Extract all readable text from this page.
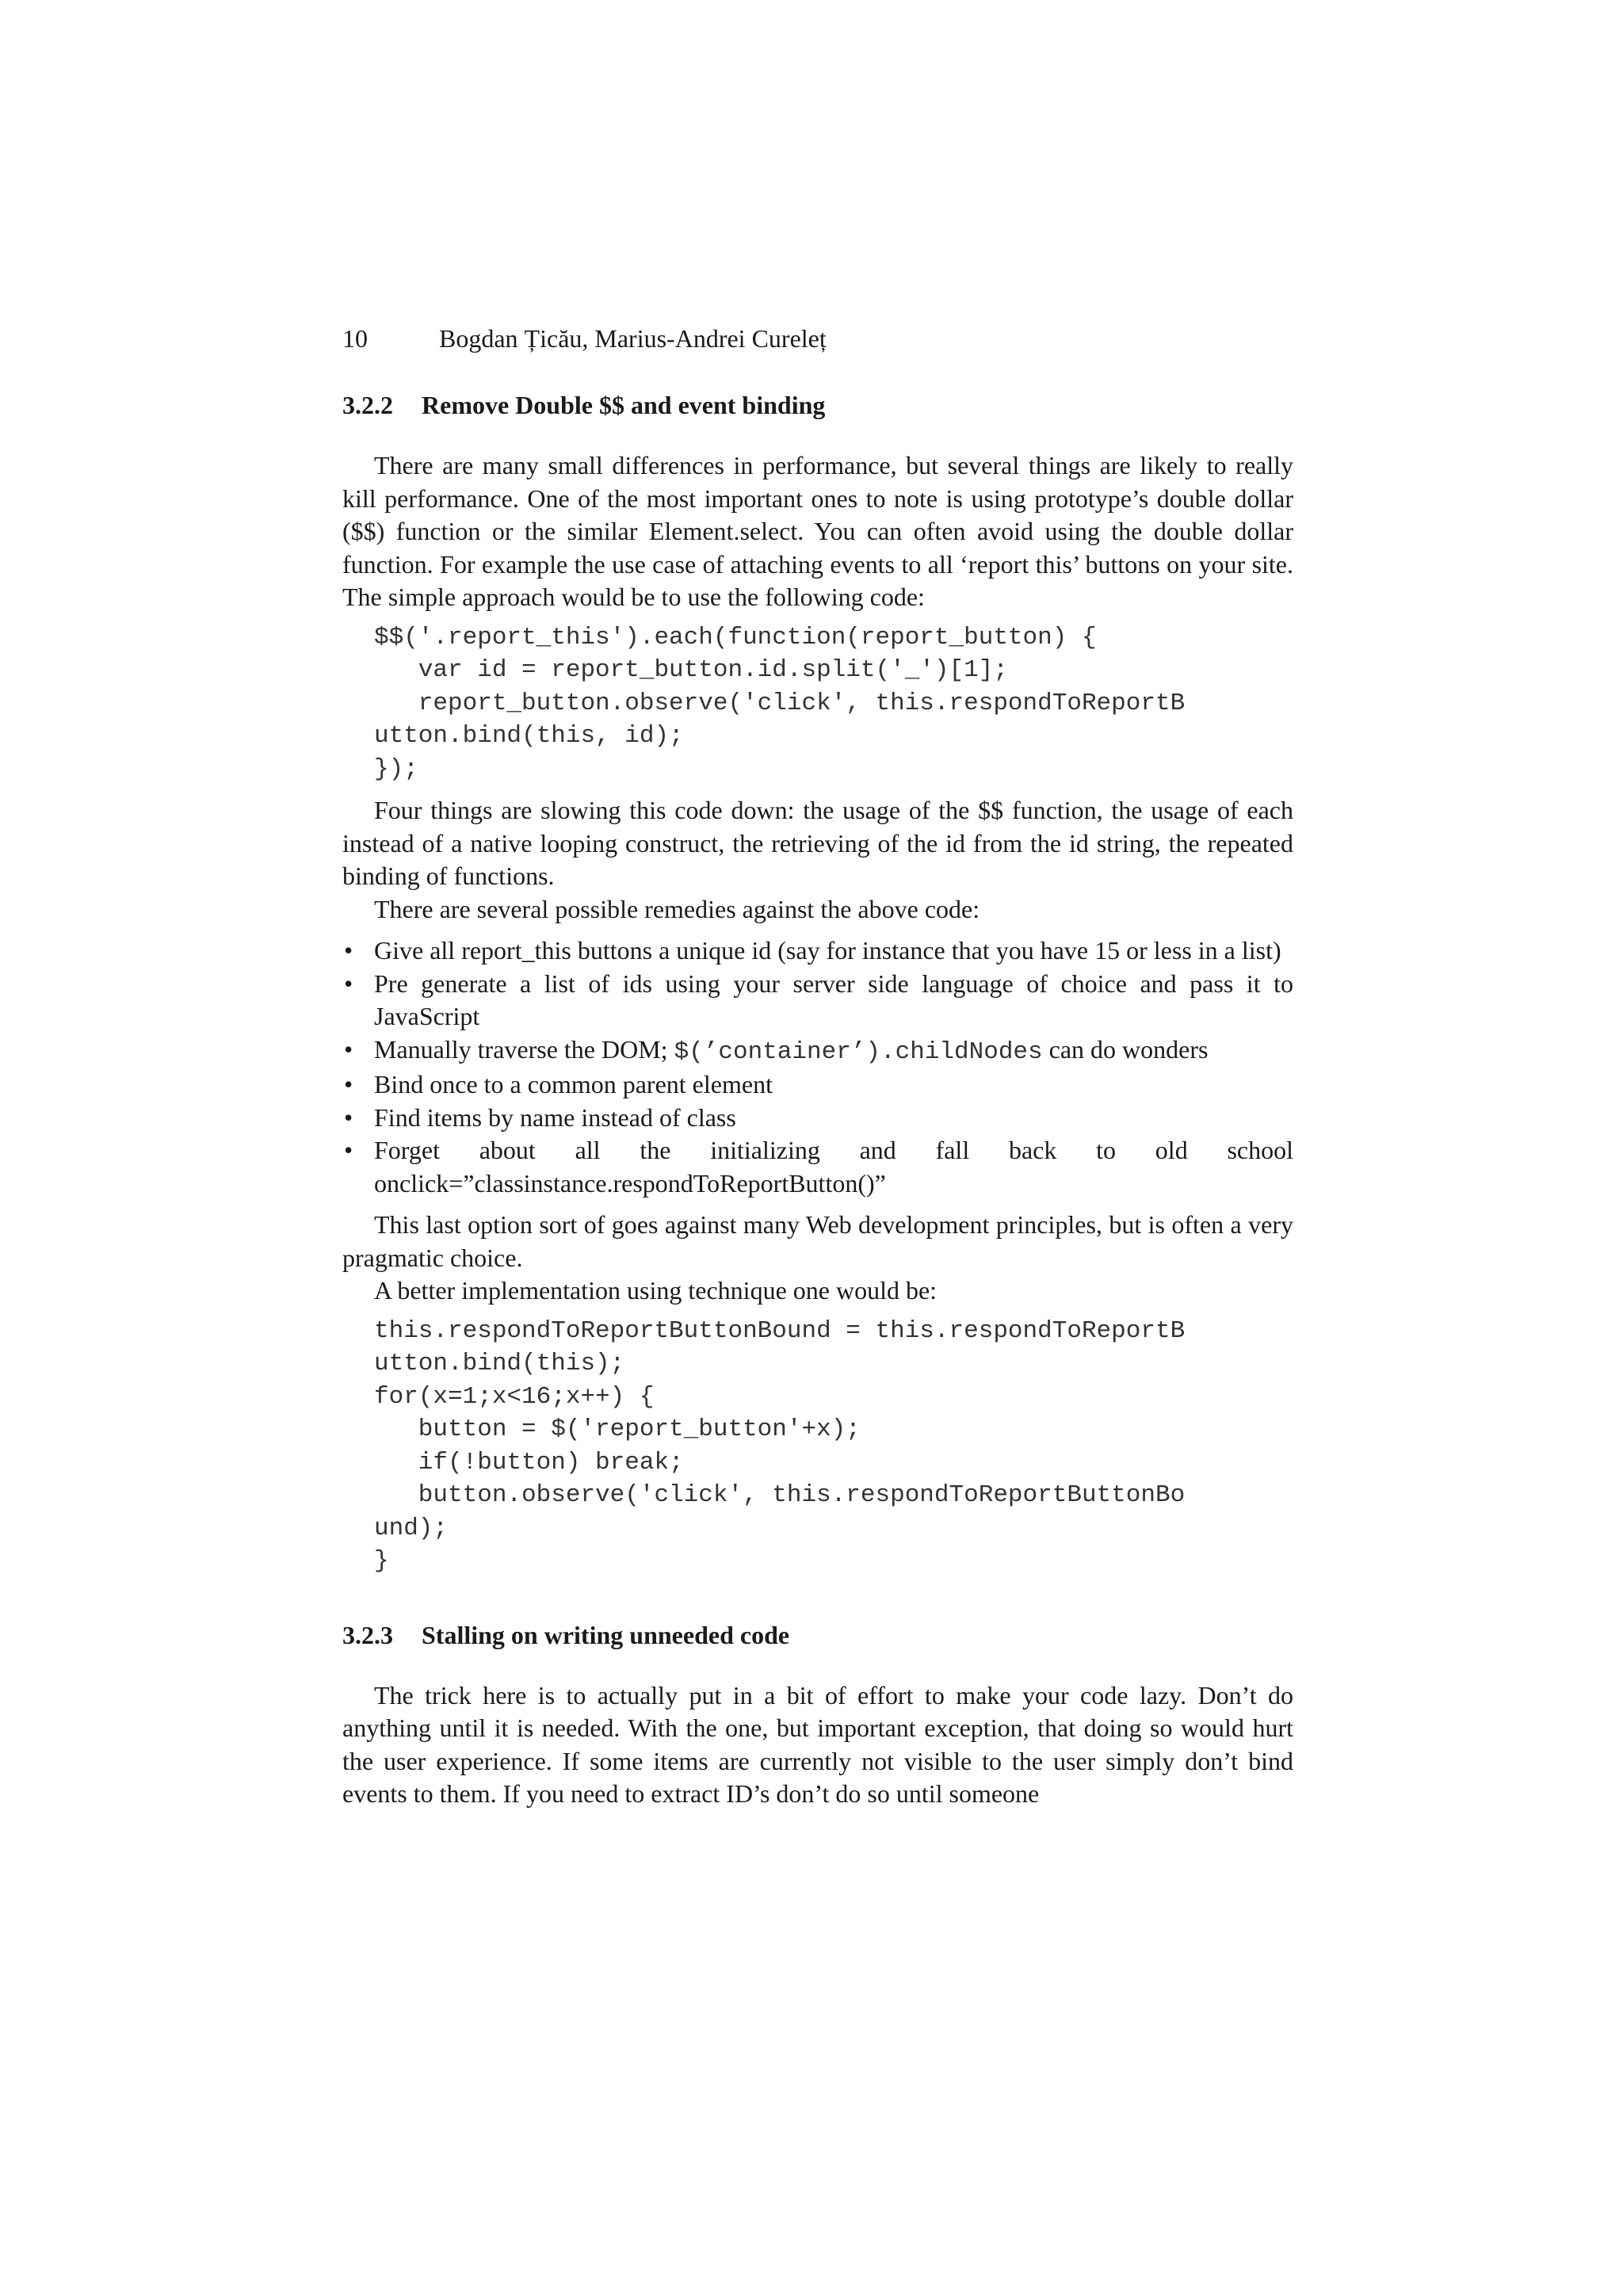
10	Bogdan Țicău, Marius-Andrei Cureleț
3.2.2 Remove Double $$ and event binding

There are many small differences in performance, but several things are likely to really kill performance. One of the most important ones to note is using prototype’s double dollar ($$) function or the similar Element.select. You can often avoid using the double dollar function. For example the use case of attaching events to all ‘report this’ buttons on your site. The simple approach would be to use the following code:

$$('.report_this').each(function(report_button) {
var id = report_button.id.split('_')[1];
report_button.observe('click', this.respondToReportB
utton.bind(this, id);
});

Four things are slowing this code down: the usage of the $$ function, the usage of each instead of a native looping construct, the retrieving of the id from the id string, the repeated binding of functions.

There are several possible remedies against the above code:

• Give all report_this buttons a unique id (say for instance that you have 15 or less in a list)
• Pre generate a list of ids using your server side language of choice and pass it to JavaScript
• Manually traverse the DOM; $(’container’).childNodes can do wonders
• Bind once to a common parent element
• Find items by name instead of class
• Forget about all the initializing and fall back to old school
onclick=”classinstance.respondToReportButton()”

This last option sort of goes against many Web development principles, but is often a very pragmatic choice.

A better implementation using technique one would be:

this.respondToReportButtonBound = this.respondToReportB
utton.bind(this);
for(x=1;x<16;x++) {
button = $('report_button'+x);
if(!button) break;
button.observe('click', this.respondToReportButtonBo
und);
}
3.2.3 Stalling on writing unneeded code

The trick here is to actually put in a bit of effort to make your code lazy. Don’t do anything until it is needed. With the one, but important exception, that doing so would hurt the user experience. If some items are currently not visible to the user simply don’t bind events to them. If you need to extract ID’s don’t do so until someone
